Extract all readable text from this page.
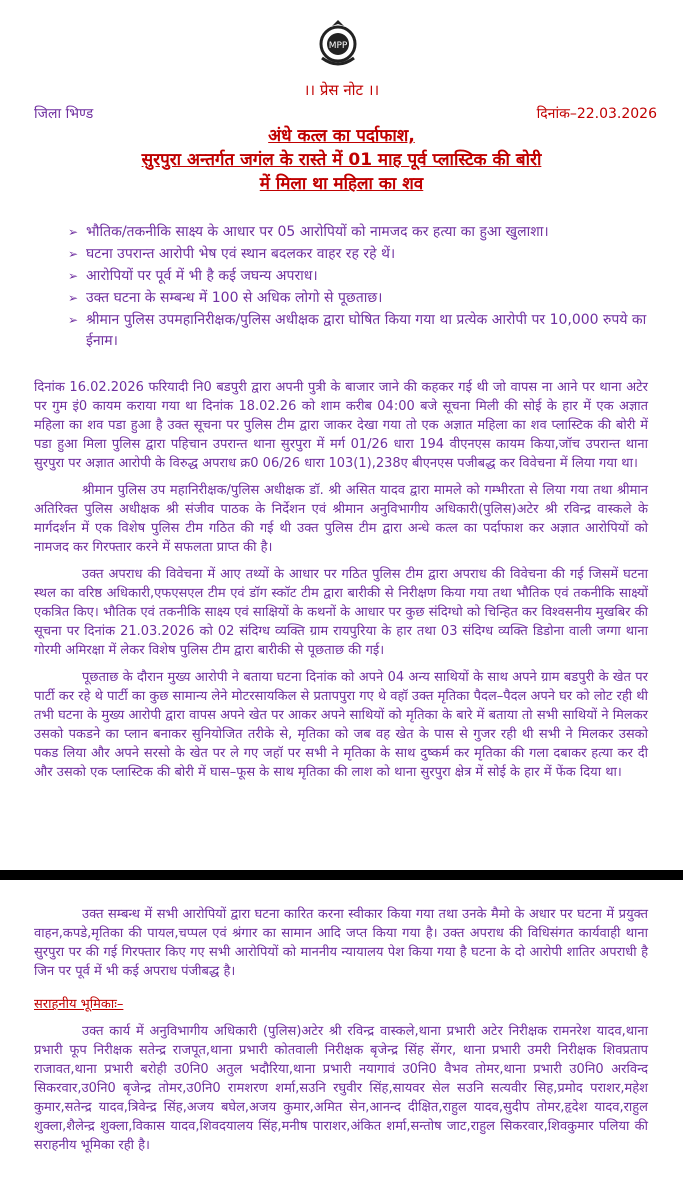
MPP
।। प्रेस नोट ।।
जिला भिण्ड	दिनांक–22.03.2026
अंधे कत्ल का पर्दाफाश,
सुरपुरा अन्तर्गत जगंल के रास्ते में 01 माह पूर्व प्लास्टिक की बोरी
में मिला था महिला का शव
➢ भौतिक/तकनीकि साक्ष्य के आधार पर 05 आरोपियों को नामजद कर हत्या का हुआ खुलाशा।
➢ घटना उपरान्त आरोपी भेष एवं स्थान बदलकर वाहर रह रहे थें।
➢ आरोपियों पर पूर्व में भी है कई जघन्य अपराध।
➢ उक्त घटना के सम्बन्ध में 100 से अधिक लोगो से पूछताछ।
➢ श्रीमान पुलिस उपमहानिरीक्षक/पुलिस अधीक्षक द्वारा घोषित किया गया था प्रत्येक आरोपी पर 10,000 रुपये का ईनाम।

दिनांक 16.02.2026 फरियादी नि0 बडपुरी द्वारा अपनी पुत्री के बाजार जाने की कहकर गई थी जो वापस ना आने पर थाना अटेर पर गुम इं0 कायम कराया गया था दिनांक 18.02.26 को शाम करीब 04:00 बजे सूचना मिली की सोई के हार में एक अज्ञात महिला का शव पडा हुआ है उक्त सूचना पर पुलिस टीम द्वारा जाकर देखा गया तो एक अज्ञात महिला का शव प्लास्टिक की बोरी में पडा हुआ मिला पुलिस द्वारा पहिचान उपरान्त थाना सुरपुरा में मर्ग 01/26 धारा 194 वीएनएस कायम किया,जॉच उपरान्त थाना सुरपुरा पर अज्ञात आरोपी के विरुद्ध अपराध क्र0 06/26 धारा 103(1),238ए बीएनएस पजीबद्ध कर विवेचना में लिया गया था।

श्रीमान पुलिस उप महानिरीक्षक/पुलिस अधीक्षक डॉ. श्री असित यादव द्वारा मामले को गम्भीरता से लिया गया तथा श्रीमान अतिरिक्त पुलिस अधीक्षक श्री संजीव पाठक के निर्देशन एवं श्रीमान अनुविभागीय अधिकारी(पुलिस)अटेर श्री रविन्द्र वास्कले के मार्गदर्शन में एक विशेष पुलिस टीम गठित की गई थी उक्त पुलिस टीम द्वारा अन्धे कत्ल का पर्दाफाश कर अज्ञात आरोपियों को नामजद कर गिरफ्तार करने में सफलता प्राप्त की है।

उक्त अपराध की विवेचना में आए तथ्यों के आधार पर गठित पुलिस टीम द्वारा अपराध की विवेचना की गई जिसमें घटना स्थल का वरिष्ठ अधिकारी,एफएसएल टीम एवं डॉग स्कॉट टीम द्वारा बारीकी से निरीक्षण किया गया तथा भौतिक एवं तकनीकि साक्ष्यों एकत्रित किए। भौतिक एवं तकनीकि साक्ष्य एवं साक्षियों के कथनों के आधार पर कुछ संदिग्धो को चिन्हित कर विश्वसनीय मुखबिर की सूचना पर दिनांक 21.03.2026 को 02 संदिग्ध व्यक्ति ग्राम रायपुरिया के हार तथा 03 संदिग्ध व्यक्ति डिडोना वाली जग्गा थाना गोरमी अमिरक्षा में लेकर विशेष पुलिस टीम द्वारा बारीकी से पूछताछ की गई।

पूछताछ के दौरान मुख्य आरोपी ने बताया घटना दिनांक को अपने 04 अन्य साथियों के साथ अपने ग्राम बडपुरी के खेत पर पार्टी कर रहे थे पार्टी का कुछ सामान्य लेने मोटरसायकिल से प्रतापपुरा गए थे वहॉ उक्त मृतिका पैदल–पैदल अपने घर को लोट रही थी तभी घटना के मुख्य आरोपी द्वारा वापस अपने खेत पर आकर अपने साथियों को मृतिका के बारे में बताया तो सभी साथियों ने मिलकर उसको पकडने का प्लान बनाकर सुनियोजित तरीके से, मृतिका को जब वह खेत के पास से गुजर रही थी सभी ने मिलकर उसको पकड लिया और अपने सरसो के खेत पर ले गए जहॉ पर सभी ने मृतिका के साथ दुष्कर्म कर मृतिका की गला दबाकर हत्या कर दी और उसको एक प्लास्टिक की बोरी में घास–फूस के साथ मृतिका की लाश को थाना सुरपुरा क्षेत्र में सोई के हार में फेंक दिया था।

उक्त सम्बन्ध में सभी आरोपियों द्वारा घटना कारित करना स्वीकार किया गया तथा उनके मैमो के अधार पर घटना में प्रयुक्त वाहन,कपडे,मृतिका की पायल,चप्पल एवं श्रंगार का सामान आदि जप्त किया गया है। उक्त अपराध की विधिसंगत कार्यवाही थाना सुरपुरा पर की गई गिरफ्तार किए गए सभी आरोपियों को माननीय न्यायालय पेश किया गया है घटना के दो आरोपी शातिर अपराधी है जिन पर पूर्व में भी कई अपराध पंजीबद्ध है।

सराहनीय भूमिकाः–

उक्त कार्य में अनुविभागीय अधिकारी (पुलिस)अटेर श्री रविन्द्र वास्कले,थाना प्रभारी अटेर निरीक्षक रामनरेश यादव,थाना प्रभारी फूप निरीक्षक सतेन्द्र राजपूत,थाना प्रभारी कोतवाली निरीक्षक बृजेन्द्र सिंह सेंगर, थाना प्रभारी उमरी निरीक्षक शिवप्रताप राजावत,थाना प्रभारी बरोही उ0नि0 अतुल भदौरिया,थाना प्रभारी नयागावं उ0नि0 वैभव तोमर,थाना प्रभारी उ0नि0 अरविन्द सिकरवार,उ0नि0 बृजेन्द्र तोमर,उ0नि0 रामशरण शर्मा,सउनि रघुवीर सिंह,सायवर सेल सउनि सत्यवीर सिह,प्रमोद पराशर,महेश कुमार,सतेन्द्र यादव,त्रिवेन्द्र सिंह,अजय बघेल,अजय कुमार,अमित सेन,आनन्द दीक्षित,राहुल यादव,सुदीप तोमर,हृदेश यादव,राहुल शुक्ला,शैलेन्द्र शुक्ला,विकास यादव,शिवदयालय सिंह,मनीष पाराशर,अंकित शर्मा,सन्तोष जाट,राहुल सिकरवार,शिवकुमार पलिया की सराहनीय भूमिका रही है।
